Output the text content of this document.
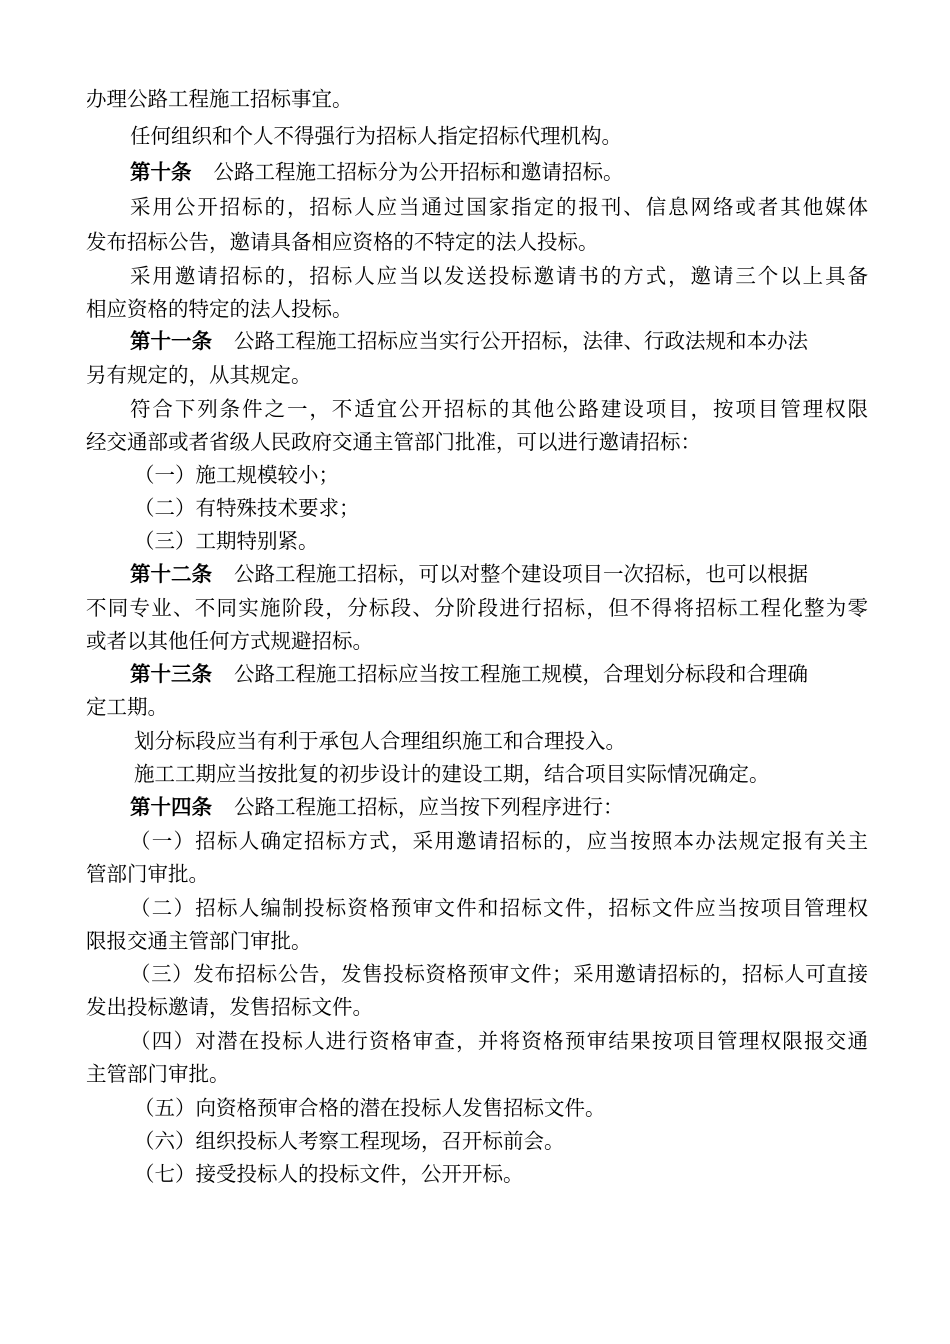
办理公路工程施工招标事宜。
任何组织和个人不得强行为招标人指定招标代理机构。
第十条 公路工程施工招标分为公开招标和邀请招标。
采用公开招标的，招标人应当通过国家指定的报刊、信息网络或者其他媒体
发布招标公告，邀请具备相应资格的不特定的法人投标。
采用邀请招标的，招标人应当以发送投标邀请书的方式，邀请三个以上具备
相应资格的特定的法人投标。
第十一条 公路工程施工招标应当实行公开招标，法律、行政法规和本办法
另有规定的，从其规定。
符合下列条件之一，不适宜公开招标的其他公路建设项目，按项目管理权限
经交通部或者省级人民政府交通主管部门批准，可以进行邀请招标：
（一）施工规模较小；
（二）有特殊技术要求；
（三）工期特别紧。
第十二条 公路工程施工招标，可以对整个建设项目一次招标，也可以根据
不同专业、不同实施阶段，分标段、分阶段进行招标，但不得将招标工程化整为零
或者以其他任何方式规避招标。
第十三条 公路工程施工招标应当按工程施工规模，合理划分标段和合理确
定工期。
划分标段应当有利于承包人合理组织施工和合理投入。
施工工期应当按批复的初步设计的建设工期，结合项目实际情况确定。
第十四条 公路工程施工招标，应当按下列程序进行：
（一）招标人确定招标方式，采用邀请招标的，应当按照本办法规定报有关主
管部门审批。
（二）招标人编制投标资格预审文件和招标文件，招标文件应当按项目管理权
限报交通主管部门审批。
（三）发布招标公告，发售投标资格预审文件；采用邀请招标的，招标人可直接
发出投标邀请，发售招标文件。
（四）对潜在投标人进行资格审查，并将资格预审结果按项目管理权限报交通
主管部门审批。
（五）向资格预审合格的潜在投标人发售招标文件。
（六）组织投标人考察工程现场，召开标前会。
（七）接受投标人的投标文件，公开开标。
